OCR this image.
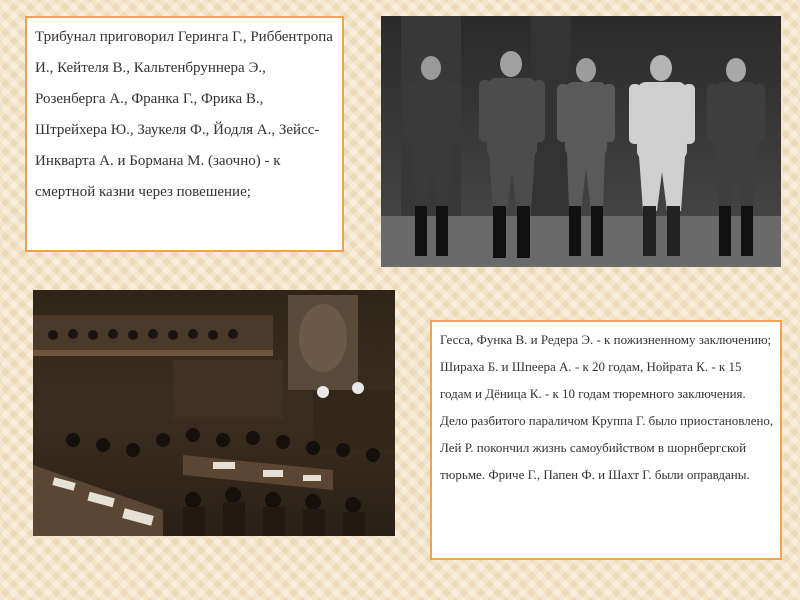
Трибунал приговорил Геринга Г., Риббентропа И., Кейтеля В., Кальтенбруннера Э., Розенберга А., Франка Г., Фрика В., Штрейхера Ю., Заукеля Ф., Йодля А., Зейсс-Инкварта А. и Бормана М. (заочно) - к смертной казни через повешение;
Гесса, Функа В. и Редера Э. - к пожизненному заключению; Шираха Б. и Шпеера А. - к 20 годам, Нойрата К. - к 15 годам и Дёница К. - к 10 годам тюремного заключения. Дело разбитого параличом Круппа Г. было приостановлено, Лей Р. покончил жизнь самоубийством в шорнбергской тюрьме. Фриче Г., Папен Ф. и Шахт Г. были оправданы.
